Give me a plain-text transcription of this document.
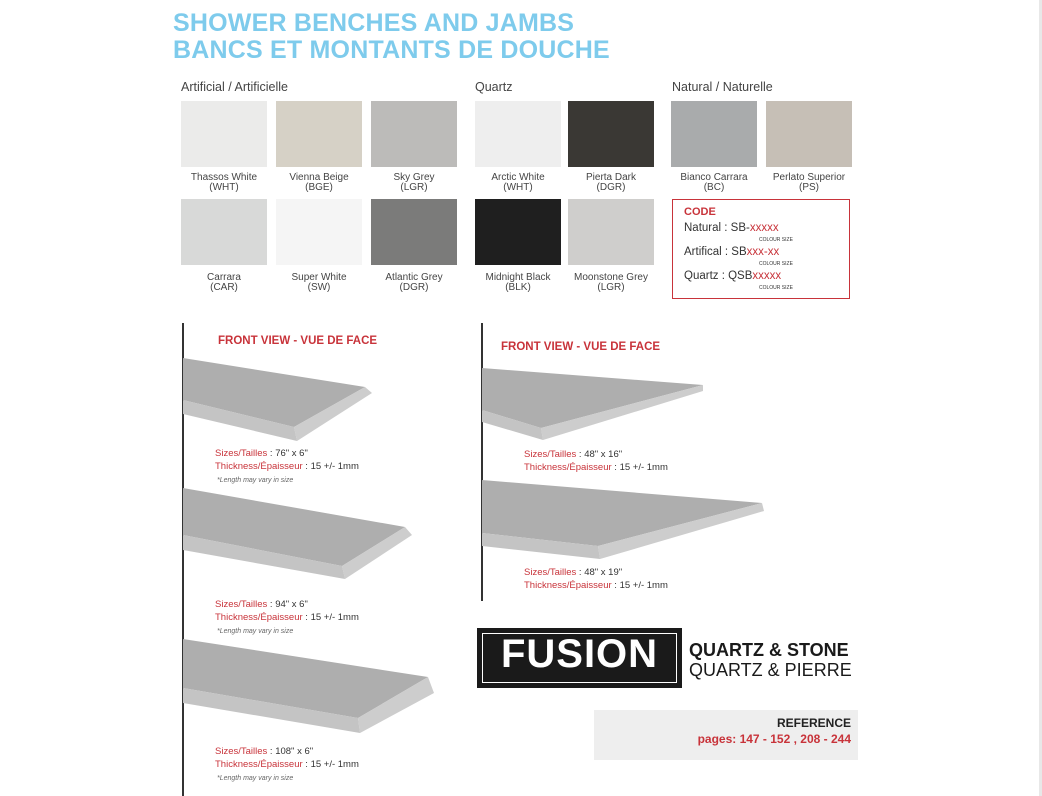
SHOWER BENCHES AND JAMBS
BANCS ET MONTANTS DE DOUCHE
Artificial / Artificielle	Quartz	Natural / Naturelle
Thassos White
(WHT)
Vienna Beige
(BGE)
Sky Grey
(LGR)
Arctic White
(WHT)
Pierta Dark
(DGR)
Bianco Carrara
(BC)
Perlato Superior
(PS)
Carrara
(CAR)
Super White
(SW)
Atlantic Grey
(DGR)
Midnight Black
(BLK)
Moonstone Grey
(LGR)
CODE
Natural : SB-xxxxx
COLOUR SIZE
Artifical : SBxxx-xx
COLOUR SIZE
Quartz : QSBxxxxx
COLOUR SIZE
FRONT VIEW - VUE DE FACE	FRONT VIEW - VUE DE FACE
Sizes/Tailles : 76" x 6"
Thickness/Épaisseur : 15 +/- 1mm
*Length may vary in size
Sizes/Tailles : 94" x 6"
Thickness/Épaisseur : 15 +/- 1mm
*Length may vary in size
Sizes/Tailles : 108" x 6"
Thickness/Épaisseur : 15 +/- 1mm
*Length may vary in size
Sizes/Tailles : 48" x 16"
Thickness/Épaisseur : 15 +/- 1mm
Sizes/Tailles : 48" x 19"
Thickness/Épaisseur : 15 +/- 1mm
FUSION	QUARTZ & STONE
QUARTZ & PIERRE
REFERENCE
pages: 147 - 152 , 208 - 244
